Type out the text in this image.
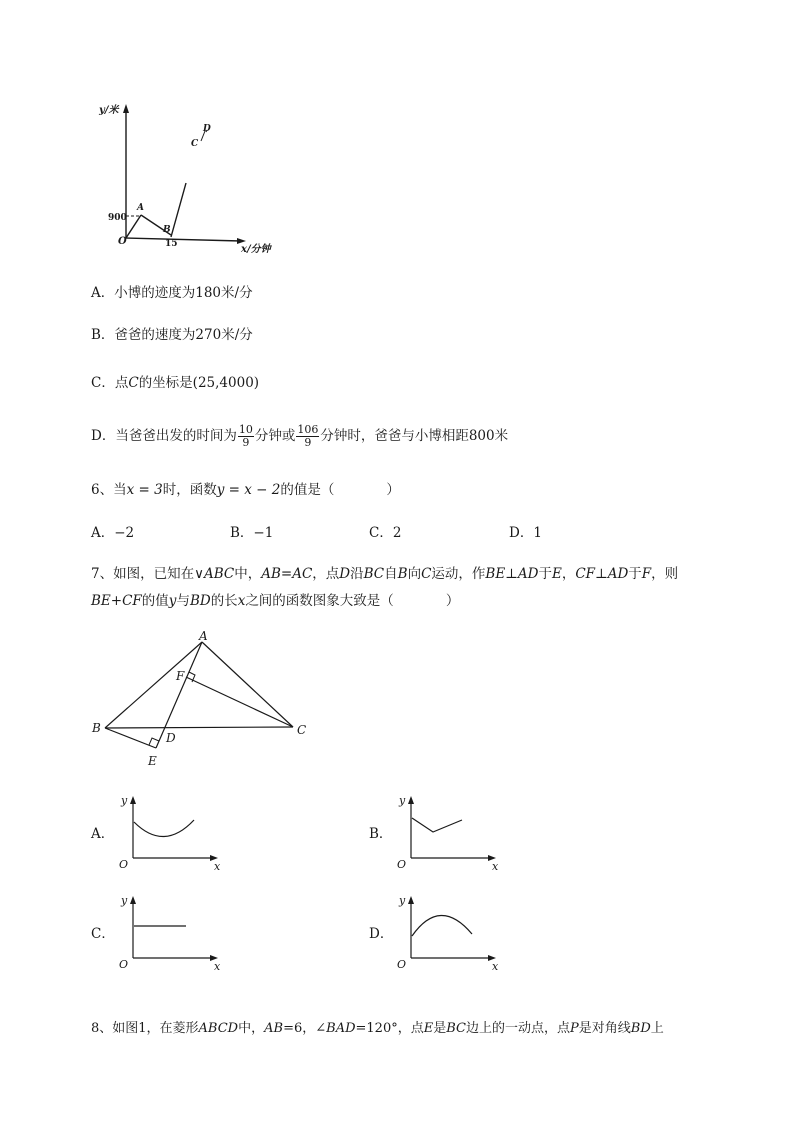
y/米
x/分钟
O
900
15
A
B
C
D
A．小博的迹度为180米/分
B．爸爸的速度为270米/分
C．点C的坐标是(25,4000)
D．当爸爸出发的时间为 $\frac{10}{9}$ 分钟或 $\frac{106}{9}$ 分钟时，爸爸与小博相距800米
6、当x = 3时，函数y = x − 2的值是（	）
A．−2	B．−1	C．2	D．1
7、如图，已知在∨ABC中，AB=AC，点D沿BC自B向C运动，作BE⊥AD于E，CF⊥AD于F，则
BE+CF的值y与BD的长x之间的函数图象大致是（	）
A
B	C
D
E
F
A．
y
x
O
B．
y
x
O
C．
y
x
O
D．
y
x
O
8、如图1，在菱形ABCD中，AB=6，∠BAD=120°，点E是BC边上的一动点，点P是对角线BD上
